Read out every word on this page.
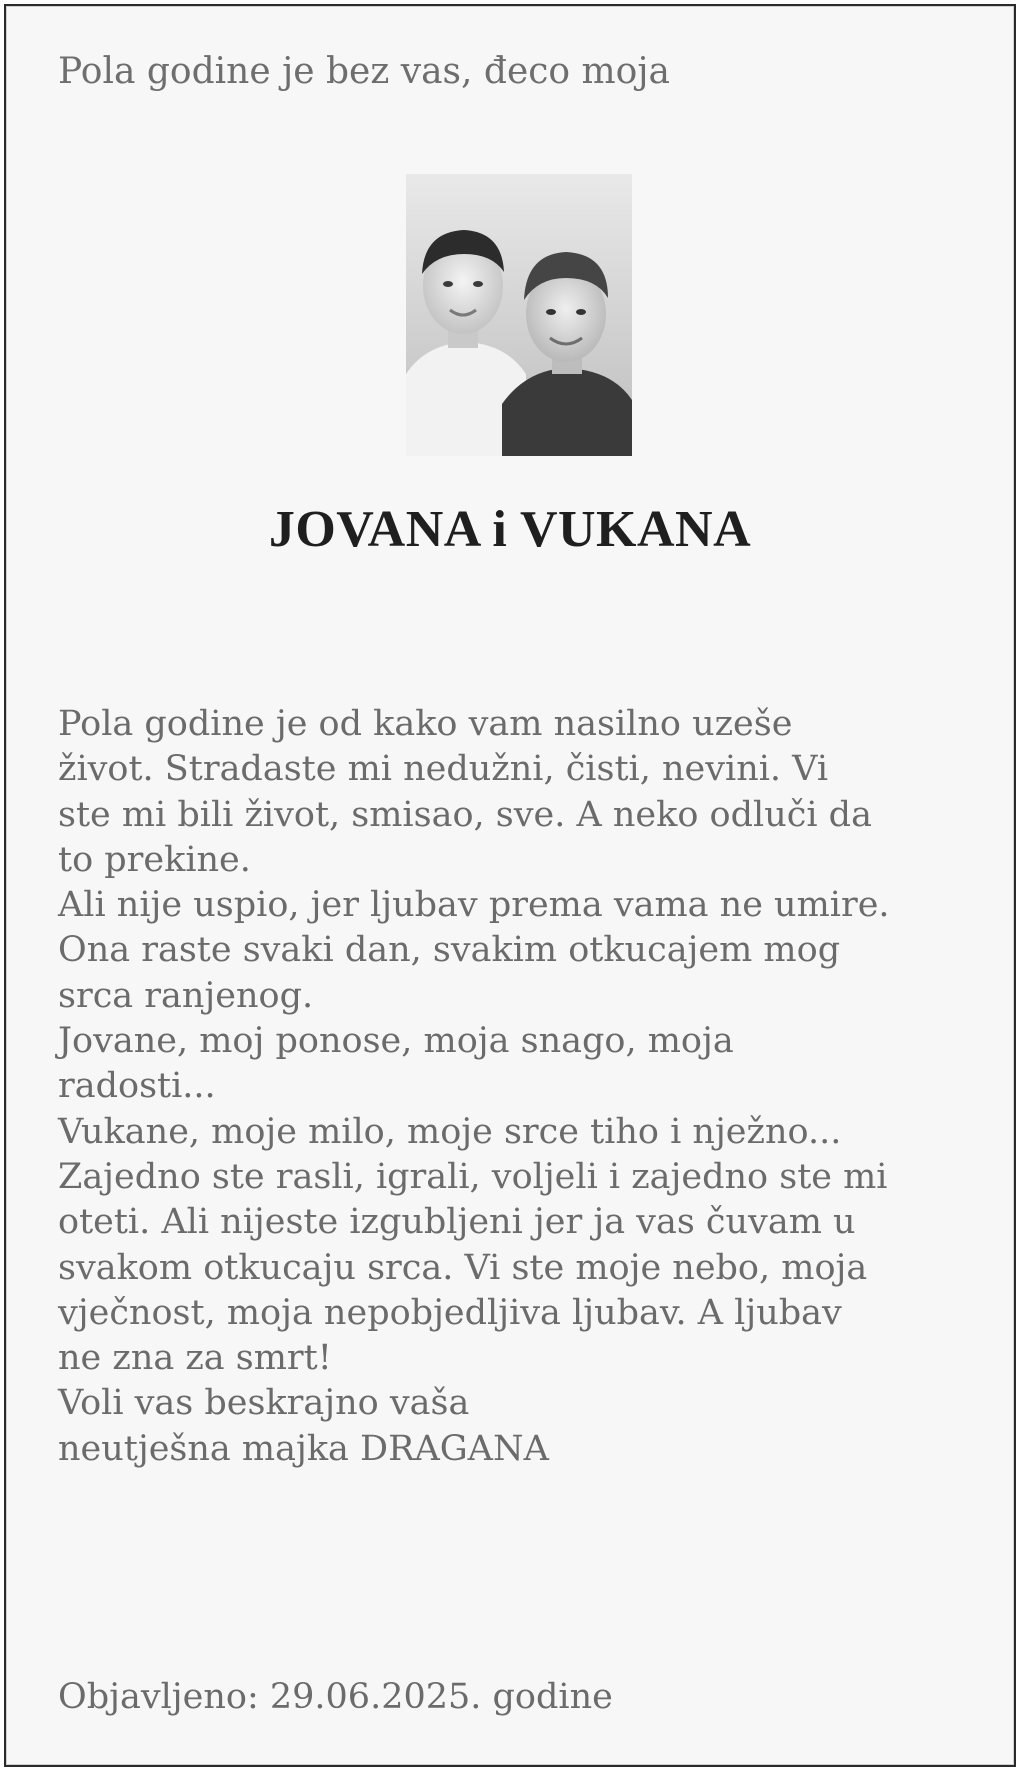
Pola godine je bez vas, đeco moja

JOVANA i VUKANA

Pola godine je od kako vam nasilno uzeše
život. Stradaste mi nedužni, čisti, nevini. Vi
ste mi bili život, smisao, sve. A neko odluči da
to prekine.
Ali nije uspio, jer ljubav prema vama ne umire.
Ona raste svaki dan, svakim otkucajem mog
srca ranjenog.
Jovane, moj ponose, moja snago, moja
radosti...
Vukane, moje milo, moje srce tiho i nježno...
Zajedno ste rasli, igrali, voljeli i zajedno ste mi
oteti. Ali nijeste izgubljeni jer ja vas čuvam u
svakom otkucaju srca. Vi ste moje nebo, moja
vječnost, moja nepobjedljiva ljubav. A ljubav
ne zna za smrt!
Voli vas beskrajno vaša
neutješna majka DRAGANA

Objavljeno: 29.06.2025. godine
